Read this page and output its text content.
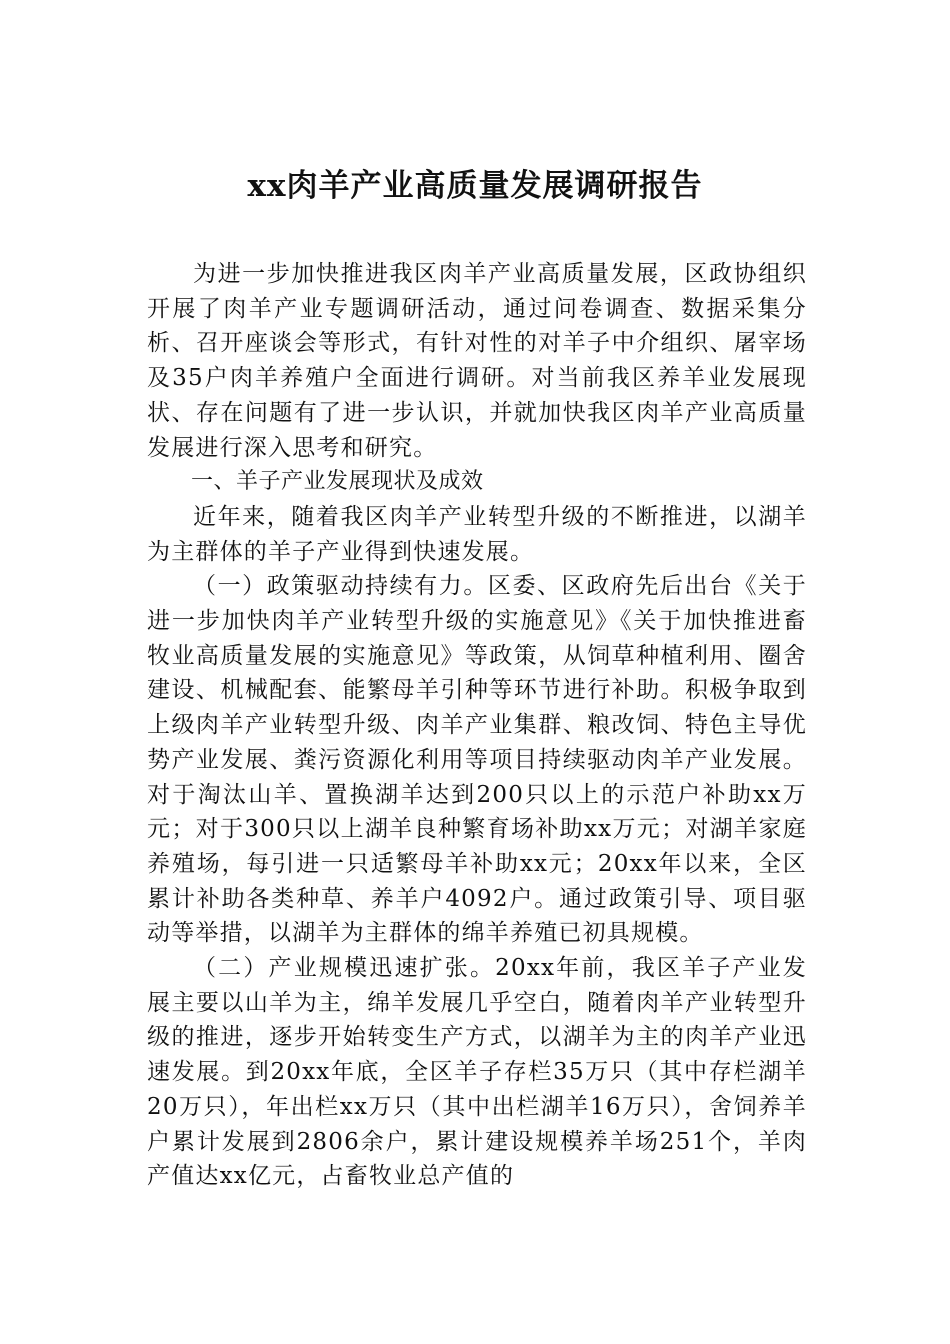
xx肉羊产业高质量发展调研报告

为进一步加快推进我区肉羊产业高质量发展，区政协组织开展了肉羊产业专题调研活动，通过问卷调查、数据采集分析、召开座谈会等形式，有针对性的对羊子中介组织、屠宰场及35户肉羊养殖户全面进行调研。对当前我区养羊业发展现状、存在问题有了进一步认识，并就加快我区肉羊产业高质量发展进行深入思考和研究。

一、羊子产业发展现状及成效

近年来，随着我区肉羊产业转型升级的不断推进，以湖羊为主群体的羊子产业得到快速发展。

（一）政策驱动持续有力。区委、区政府先后出台《关于进一步加快肉羊产业转型升级的实施意见》《关于加快推进畜牧业高质量发展的实施意见》等政策，从饲草种植利用、圈舍建设、机械配套、能繁母羊引种等环节进行补助。积极争取到上级肉羊产业转型升级、肉羊产业集群、粮改饲、特色主导优势产业发展、粪污资源化利用等项目持续驱动肉羊产业发展。对于淘汰山羊、置换湖羊达到200只以上的示范户补助xx万元；对于300只以上湖羊良种繁育场补助xx万元；对湖羊家庭养殖场，每引进一只适繁母羊补助xx元；20xx年以来，全区累计补助各类种草、养羊户4092户。通过政策引导、项目驱动等举措，以湖羊为主群体的绵羊养殖已初具规模。

（二）产业规模迅速扩张。20xx年前，我区羊子产业发展主要以山羊为主，绵羊发展几乎空白，随着肉羊产业转型升级的推进，逐步开始转变生产方式，以湖羊为主的肉羊产业迅速发展。到20xx年底，全区羊子存栏35万只（其中存栏湖羊20万只），年出栏xx万只（其中出栏湖羊16万只），舍饲养羊户累计发展到2806余户，累计建设规模养羊场251个，羊肉产值达xx亿元，占畜牧业总产值的
